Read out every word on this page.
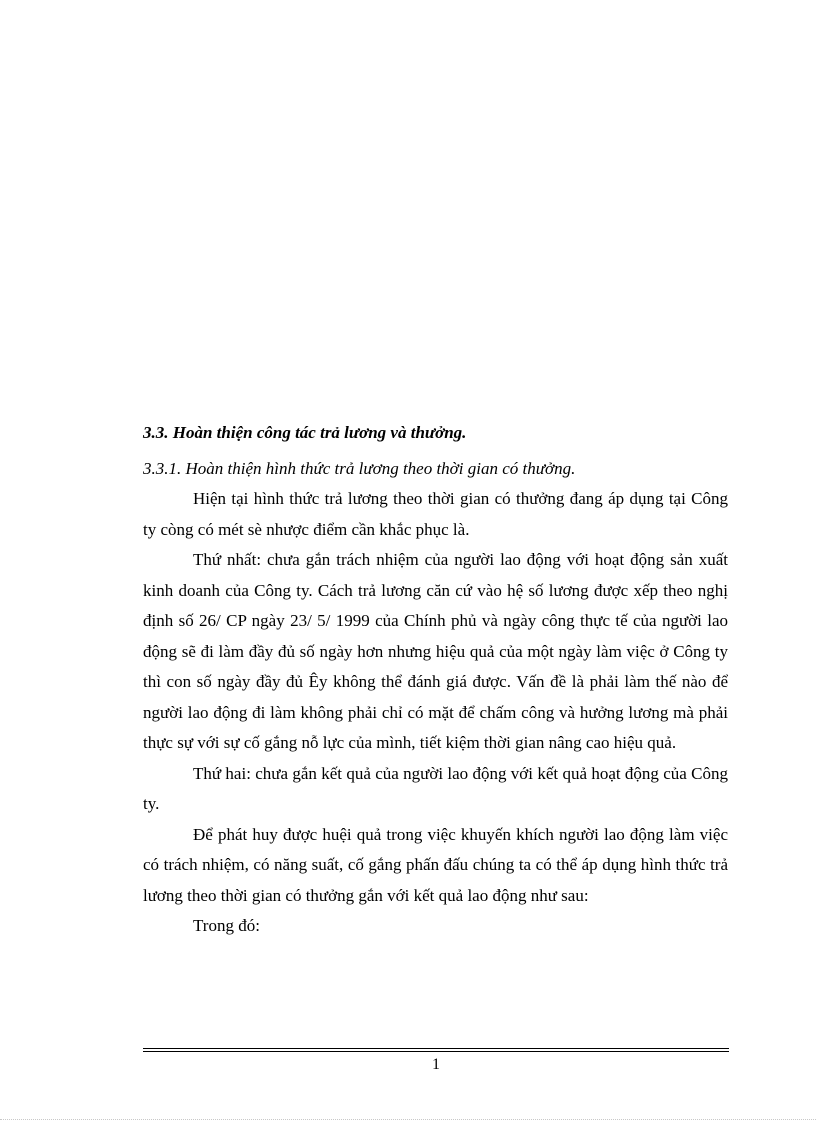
3.3. Hoàn thiện công tác trả lương và thưởng.
3.3.1. Hoàn thiện hình thức trả lương theo thời gian có thưởng.

Hiện tại hình thức trả lương theo thời gian có thưởng đang áp dụng tại Công ty còng có mét sè nhược điểm cần khắc phục là.

Thứ nhất: chưa gắn trách nhiệm của người lao động với hoạt động sản xuất kinh doanh của Công ty. Cách trả lương căn cứ vào hệ số lương được xếp theo nghị định số 26/ CP ngày 23/ 5/ 1999 của Chính phủ và ngày công thực tế của người lao động sẽ đi làm đầy đủ số ngày hơn nhưng hiệu quả của một ngày làm việc ở Công ty thì con số ngày đầy đủ Êy không thể đánh giá được. Vấn đề là phải làm thế nào để người lao động đi làm không phải chỉ có mặt để chấm công và hưởng lương mà phải thực sự với sự cố gắng nỗ lực của mình, tiết kiệm thời gian nâng cao hiệu quả.

Thứ hai: chưa gắn kết quả của người lao động với kết quả hoạt động của Công ty.

Để phát huy được huệi quả trong việc khuyến khích người lao động làm việc có trách nhiệm, có năng suất, cố gắng phấn đấu chúng ta có thể áp dụng hình thức trả lương theo thời gian có thưởng gắn với kết quả lao động như sau:

Trong đó:

1
